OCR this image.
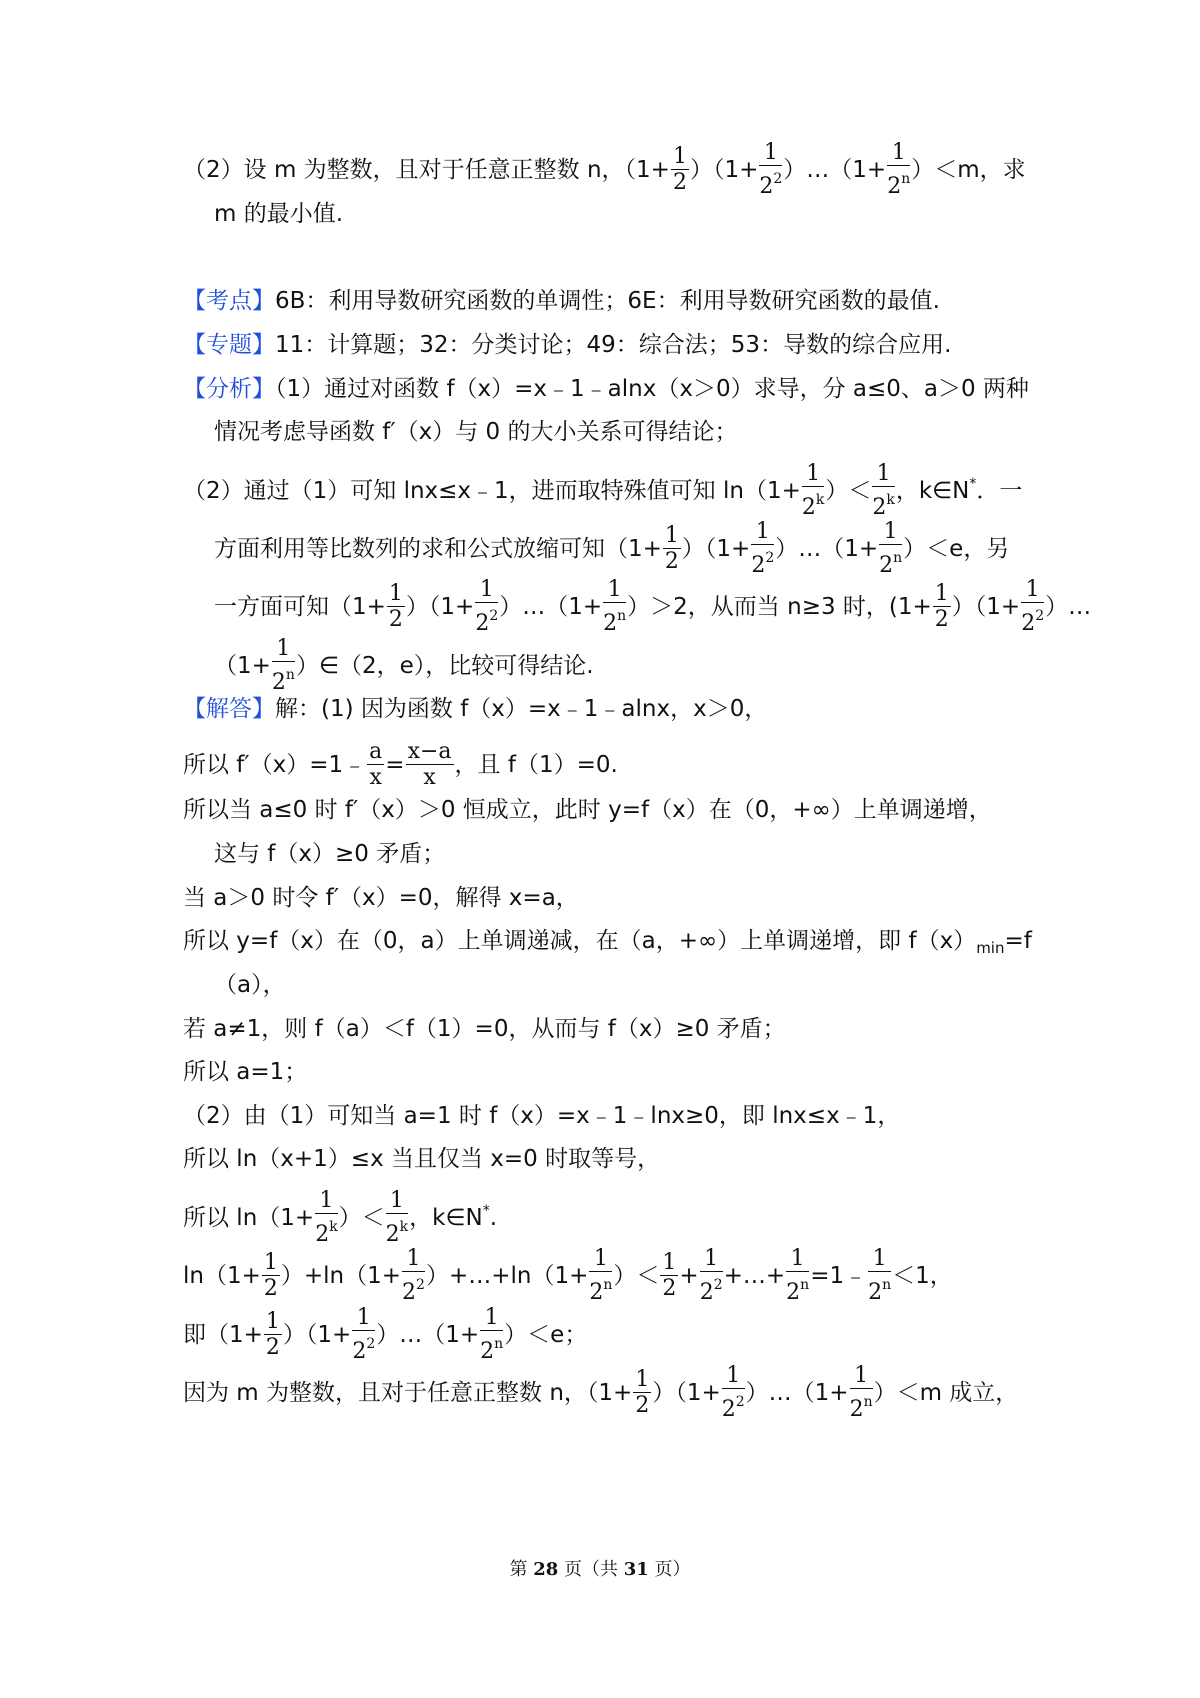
（2）设 m 为整数，且对于任意正整数 n，$(1+ \frac{1}{2} )(1+ \frac{1}{2^2}$ ）…（1+ $\frac{1}{2^n} )<m$，求
m 的最小值.
【考点】6B：利用导数研究函数的单调性；6E：利用导数研究函数的最值.
【专题】11：计算题；32：分类讨论；49：综合法；53：导数的综合应用.
【分析】（1）通过对函数 f（x）=x﹣1﹣alnx（x＞0）求导，分 a≤0、a＞0 两种
情况考虑导函数 f′（x）与 0 的大小关系可得结论；
（2）通过（1）可知 lnx≤x﹣1，进而取特殊值可知 $\ln(1+ \frac{1}{2^k}$ ）＜ $\frac{1}{2^k}$ ，k∈N*．一
方面利用等比数列的求和公式放缩可知$(1+ \frac{1}{2} )(1+ \frac{1}{2^2}$ ）…（1+ $\frac{1}{2^n} )<e$，另
一方面可知$(1+ \frac{1}{2} )(1+ \frac{1}{2^2}$ ）…（1+ $\frac{1}{2^n} )>2$，从而当 n≥3 时，$(1+ \frac{1}{2} )(1+ \frac{1}{2^2}$ ）…
（$1+ \frac{1}{2^n}$ ）∈（2，e），比较可得结论.
【解答】解：(1) 因为函数 f（x）=x﹣1﹣alnx，x＞0，
所以 f′（x）=1﹣ $\frac{a}{x} = \frac{x-a}{x}$ ，且 f（1）=0.
所以当 a≤0 时 f′（x）＞0 恒成立，此时 y=f（x）在（0，+∞）上单调递增，
这与 f（x）≥0 矛盾；
当 a＞0 时令 f′（x）=0，解得 x=a，
所以 y=f（x）在（0，a）上单调递减，在（a，+∞）上单调递增，即 $f(x)_{min}=f$
（a），
若 a≠1，则 f（a）＜f（1）=0，从而与 f（x）≥0 矛盾；
所以 a=1；
（2）由（1）可知当 a=1 时 f（x）=x﹣1﹣lnx≥0，即 lnx≤x﹣1，
所以 ln（x+1）≤x 当且仅当 x=0 时取等号，
所以 $\ln(1+ \frac{1}{2^k}$ ）＜ $\frac{1}{2^k}$ ，k∈N*.
$\ln(1+ \frac{1}{2} )+\ln(1+ \frac{1}{2^2}$ ）+…+ln（1+ $\frac{1}{2^n}$ ）＜ $\frac{1}{2} + \frac{1}{2^2}$ +…+ $\frac{1}{2^n}$ =1﹣ $\frac{1}{2^n} <1$，
即$(1+ \frac{1}{2} )(1+ \frac{1}{2^2}$ ）…（1+ $\frac{1}{2^n} )<e$；
因为 m 为整数，且对于任意正整数 n，$(1+ \frac{1}{2} )(1+ \frac{1}{2^2}$ ）…（1+ $\frac{1}{2^n} )<m$ 成立，
第 28 页（共 31 页）
